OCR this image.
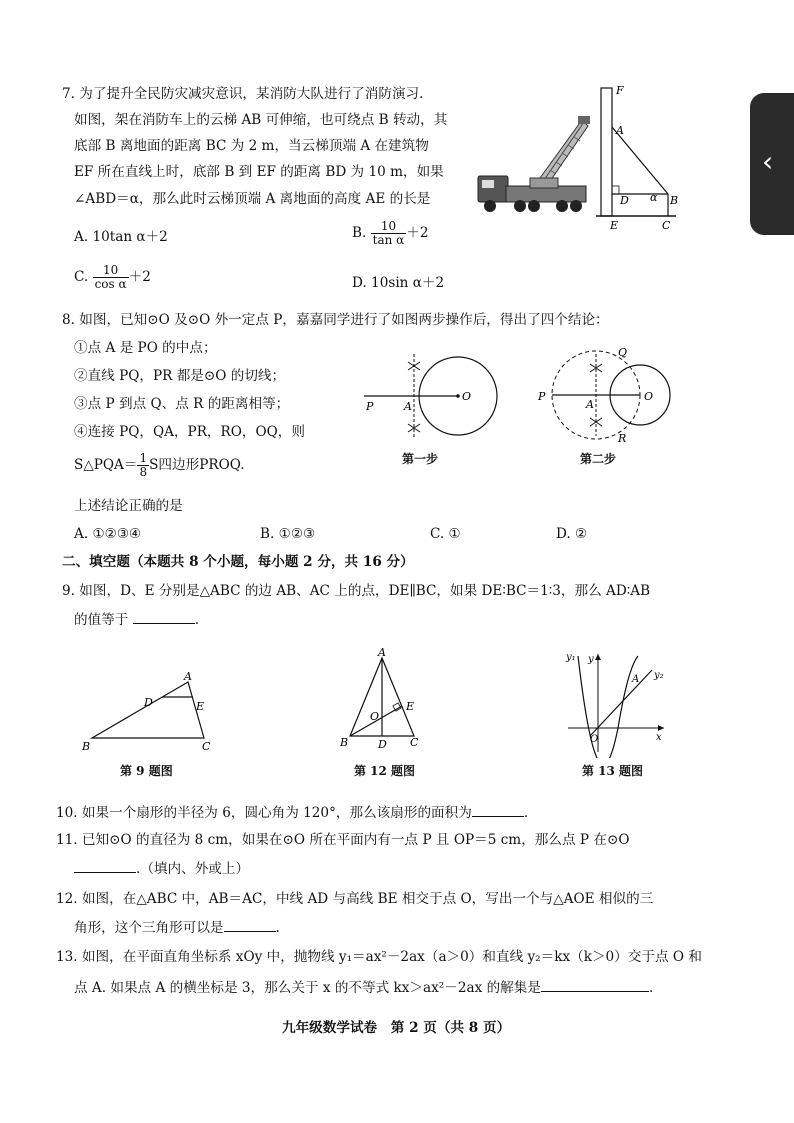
‹
7. 为了提升全民防灾减灾意识，某消防大队进行了消防演习.
如图，架在消防车上的云梯 AB 可伸缩，也可绕点 B 转动，其
底部 B 离地面的距离 BC 为 2 m，当云梯顶端 A 在建筑物
EF 所在直线上时，底部 B 到 EF 的距离 BD 为 10 m，如果
∠ABD＝α，那么此时云梯顶端 A 离地面的高度 AE 的长是
A. 10tan α＋2	B. $\frac{10}{\text{tan α}} +2$
C. $\frac{10}{\text{cos α}} +2$	D. 10sin α＋2
F
A
D α B
E	C
8. 如图，已知⊙O 及⊙O 外一定点 P，嘉嘉同学进行了如图两步操作后，得出了四个结论：
①点 A 是 PO 的中点；
②直线 PQ，PR 都是⊙O 的切线；
③点 P 到点 Q、点 R 的距离相等；
④连接 PQ，QA，PR，RO，OQ，则
S△PQA＝ $\frac{1}{8}$ S四边形PROQ.
上述结论正确的是
A. ①②③④	B. ①②③	C. ①	D. ②
P	A
O
第一步
P
A
O
Q
R
第二步
二、填空题（本题共 8 个小题，每小题 2 分，共 16 分）
9. 如图，D、E 分别是△ABC 的边 AB、AC 上的点，DE∥BC，如果 DE∶BC＝1∶3，那么 AD∶AB
的值等于	.
A
D	E
B	C
第 9 题图
A
O
E
B	D C
第 12 题图
y₁ y
A y₂
O	x
第 13 题图
10. 如果一个扇形的半径为 6，圆心角为 120°，那么该扇形的面积为	.
11. 已知⊙O 的直径为 8 cm，如果在⊙O 所在平面内有一点 P 且 OP＝5 cm，那么点 P 在⊙O
.（填内、外或上）
12. 如图，在△ABC 中，AB＝AC，中线 AD 与高线 BE 相交于点 O，写出一个与△AOE 相似的三
角形，这个三角形可以是	.
13. 如图，在平面直角坐标系 xOy 中，抛物线 y₁＝ax²－2ax（a＞0）和直线 y₂＝kx（k＞0）交于点 O 和
点 A. 如果点 A 的横坐标是 3，那么关于 x 的不等式 kx＞ax²－2ax 的解集是	.
九年级数学试卷　第 2 页（共 8 页）
